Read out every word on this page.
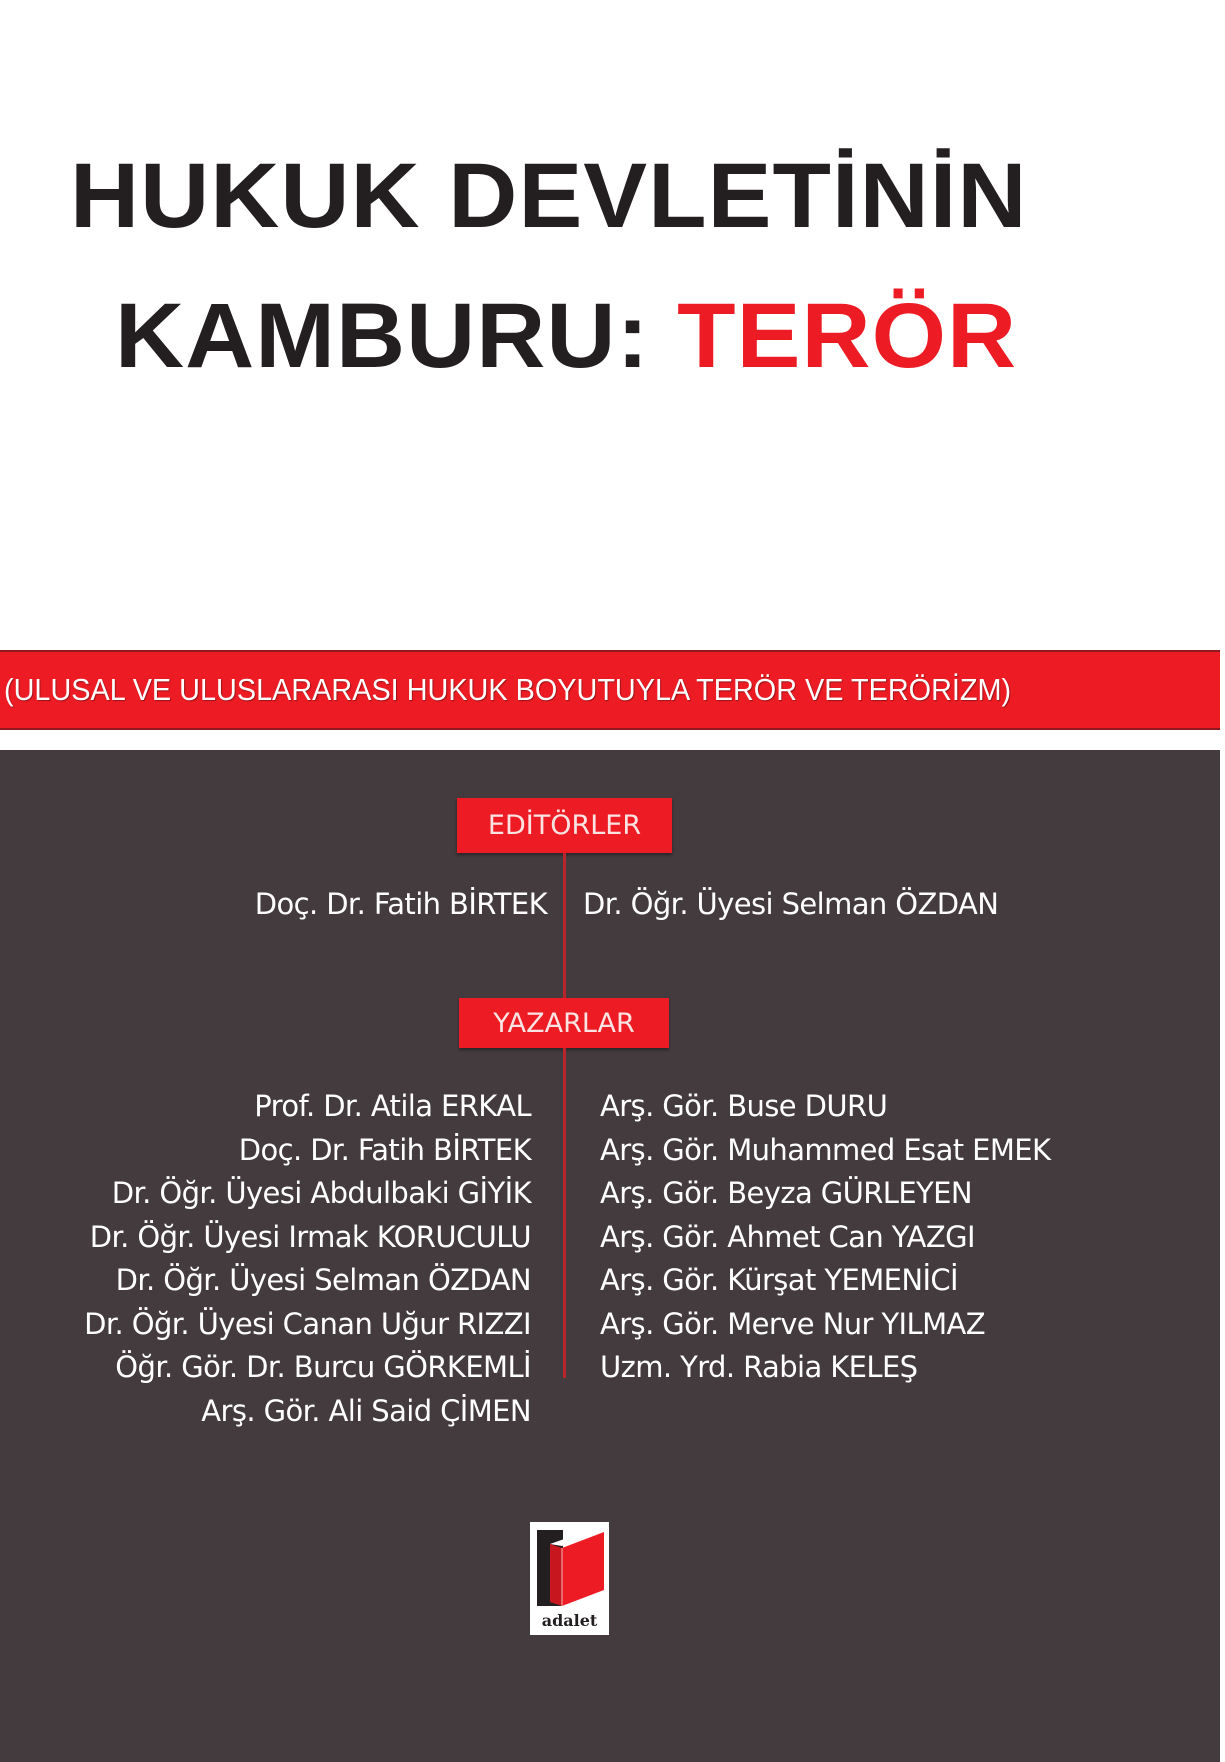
HUKUK DEVLETİNİN
KAMBURU: TERÖR
(ULUSAL VE ULUSLARARASI HUKUK BOYUTUYLA TERÖR VE TERÖRİZM)
EDİTÖRLER
Doç. Dr. Fatih BİRTEK Dr. Öğr. Üyesi Selman ÖZDAN
YAZARLAR
Prof. Dr. Atila ERKAL
Doç. Dr. Fatih BİRTEK
Dr. Öğr. Üyesi Abdulbaki GİYİK
Dr. Öğr. Üyesi Irmak KORUCULU
Dr. Öğr. Üyesi Selman ÖZDAN
Dr. Öğr. Üyesi Canan Uğur RIZZI
Öğr. Gör. Dr. Burcu GÖRKEMLİ
Arş. Gör. Ali Said ÇİMEN
Arş. Gör. Buse DURU
Arş. Gör. Muhammed Esat EMEK
Arş. Gör. Beyza GÜRLEYEN
Arş. Gör. Ahmet Can YAZGI
Arş. Gör. Kürşat YEMENİCİ
Arş. Gör. Merve Nur YILMAZ
Uzm. Yrd. Rabia KELEŞ
adalet
